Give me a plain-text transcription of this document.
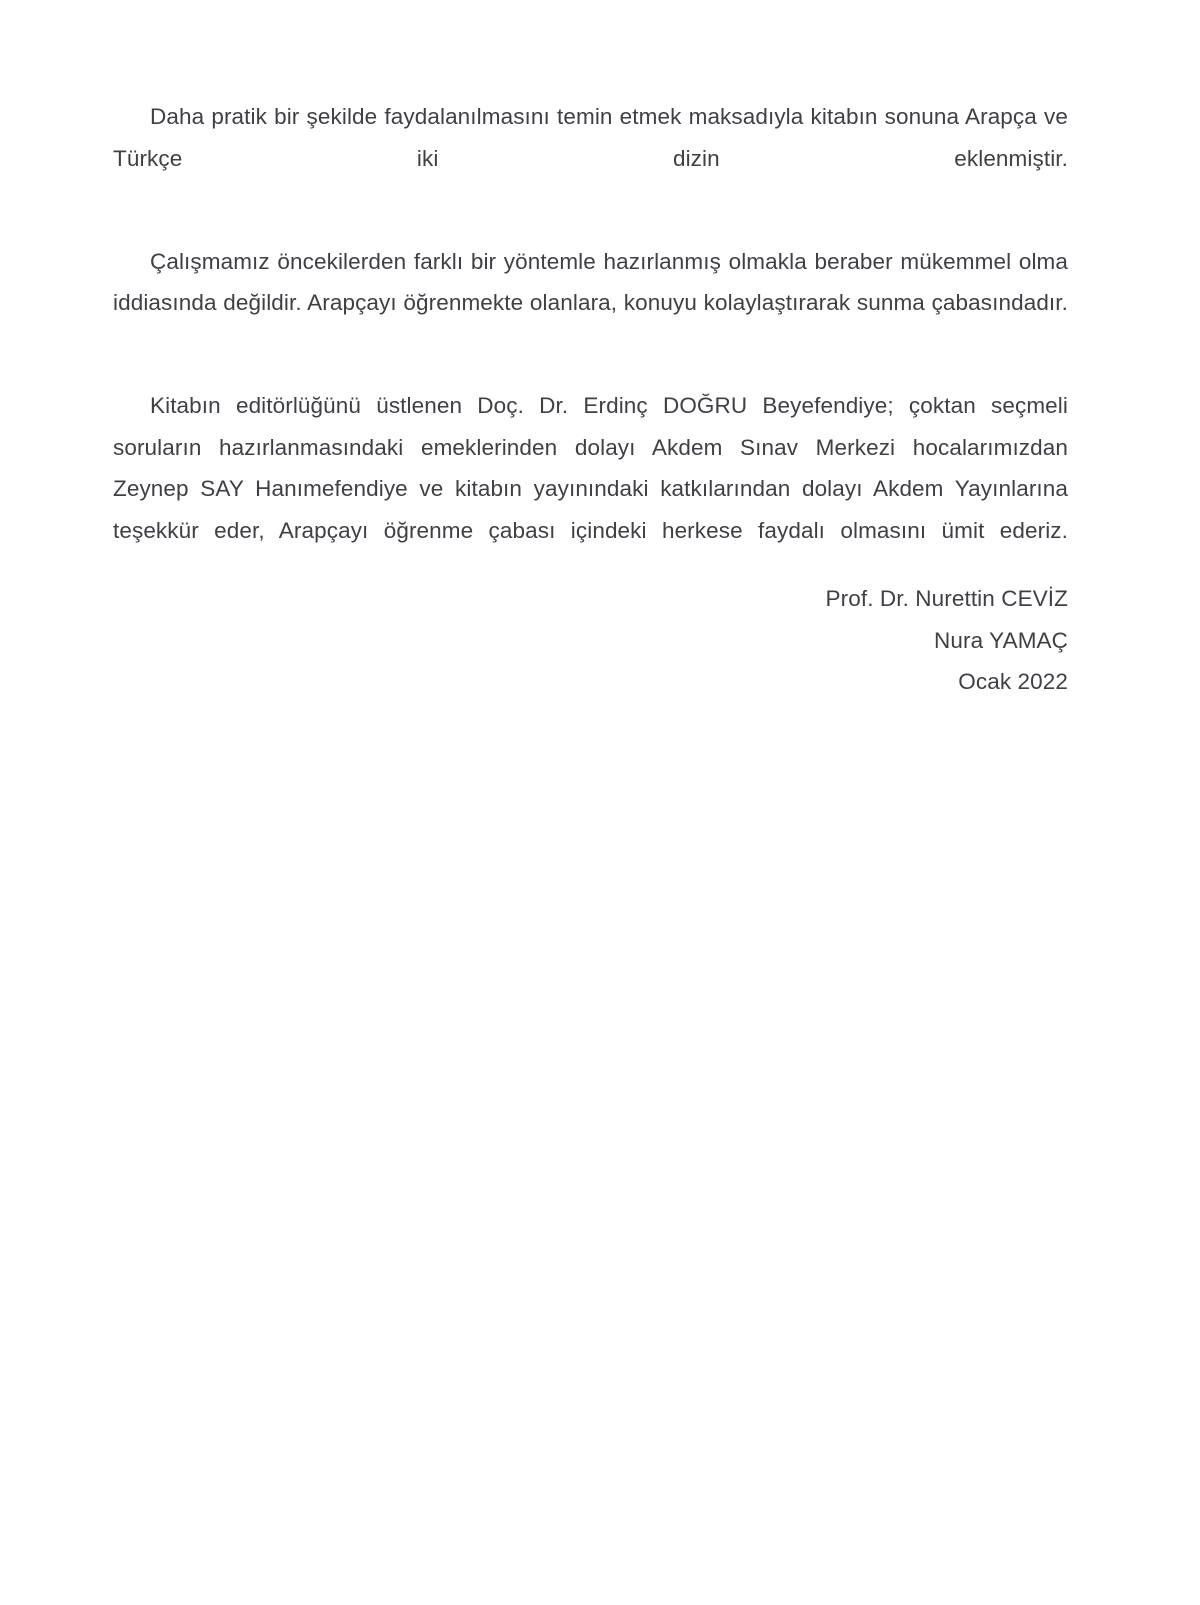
Daha pratik bir şekilde faydalanılmasını temin etmek maksadıyla kitabın sonuna Arapça ve Türkçe iki dizin eklenmiştir.

Çalışmamız öncekilerden farklı bir yöntemle hazırlanmış olmakla beraber mükemmel olma iddiasında değildir. Arapçayı öğrenmekte olanlara, konuyu kolaylaştırarak sunma çabasındadır.

Kitabın editörlüğünü üstlenen Doç. Dr. Erdinç DOĞRU Beyefendiye; çoktan seçmeli soruların hazırlanmasındaki emeklerinden dolayı Akdem Sınav Merkezi hocalarımızdan Zeynep SAY Hanımefendiye ve kitabın yayınındaki katkılarından dolayı Akdem Yayınlarına teşekkür eder, Arapçayı öğrenme çabası içindeki herkese faydalı olmasını ümit ederiz.

Prof. Dr. Nurettin CEVİZ
Nura YAMAÇ
Ocak 2022
